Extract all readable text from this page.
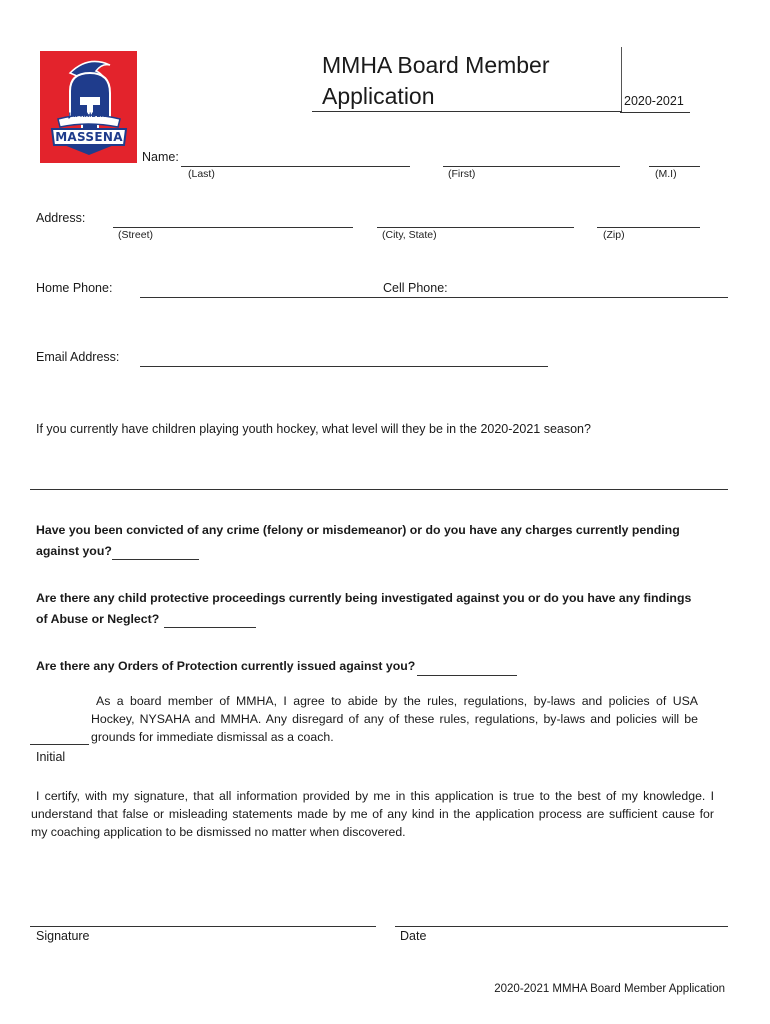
JR. RAIDERS
MASSENA
MMHA Board Member
Application	2020-2021
Name:
(Last)	(First)	(M.I)
Address:
(Street)	(City, State)	(Zip)
Home Phone:	Cell Phone:
Email Address:
If you currently have children playing youth hockey, what level will they be in the 2020-2021 season?
Have you been convicted of any crime (felony or misdemeanor) or do you have any charges currently pending
against you?
Are there any child protective proceedings currently being investigated against you or do you have any findings
of Abuse or Neglect?
Are there any Orders of Protection currently issued against you?
As a board member of MMHA, I agree to abide by the rules, regulations, by-laws and policies of USA
Hockey, NYSAHA and MMHA. Any disregard of any of these rules, regulations, by-laws and policies will be
grounds for immediate dismissal as a coach.
Initial
I certify, with my signature, that all information provided by me in this application is true to the best of my knowledge. I
understand that false or misleading statements made by me of any kind in the application process are sufficient cause for
my coaching application to be dismissed no matter when discovered.
Signature	Date
2020-2021 MMHA Board Member Application
